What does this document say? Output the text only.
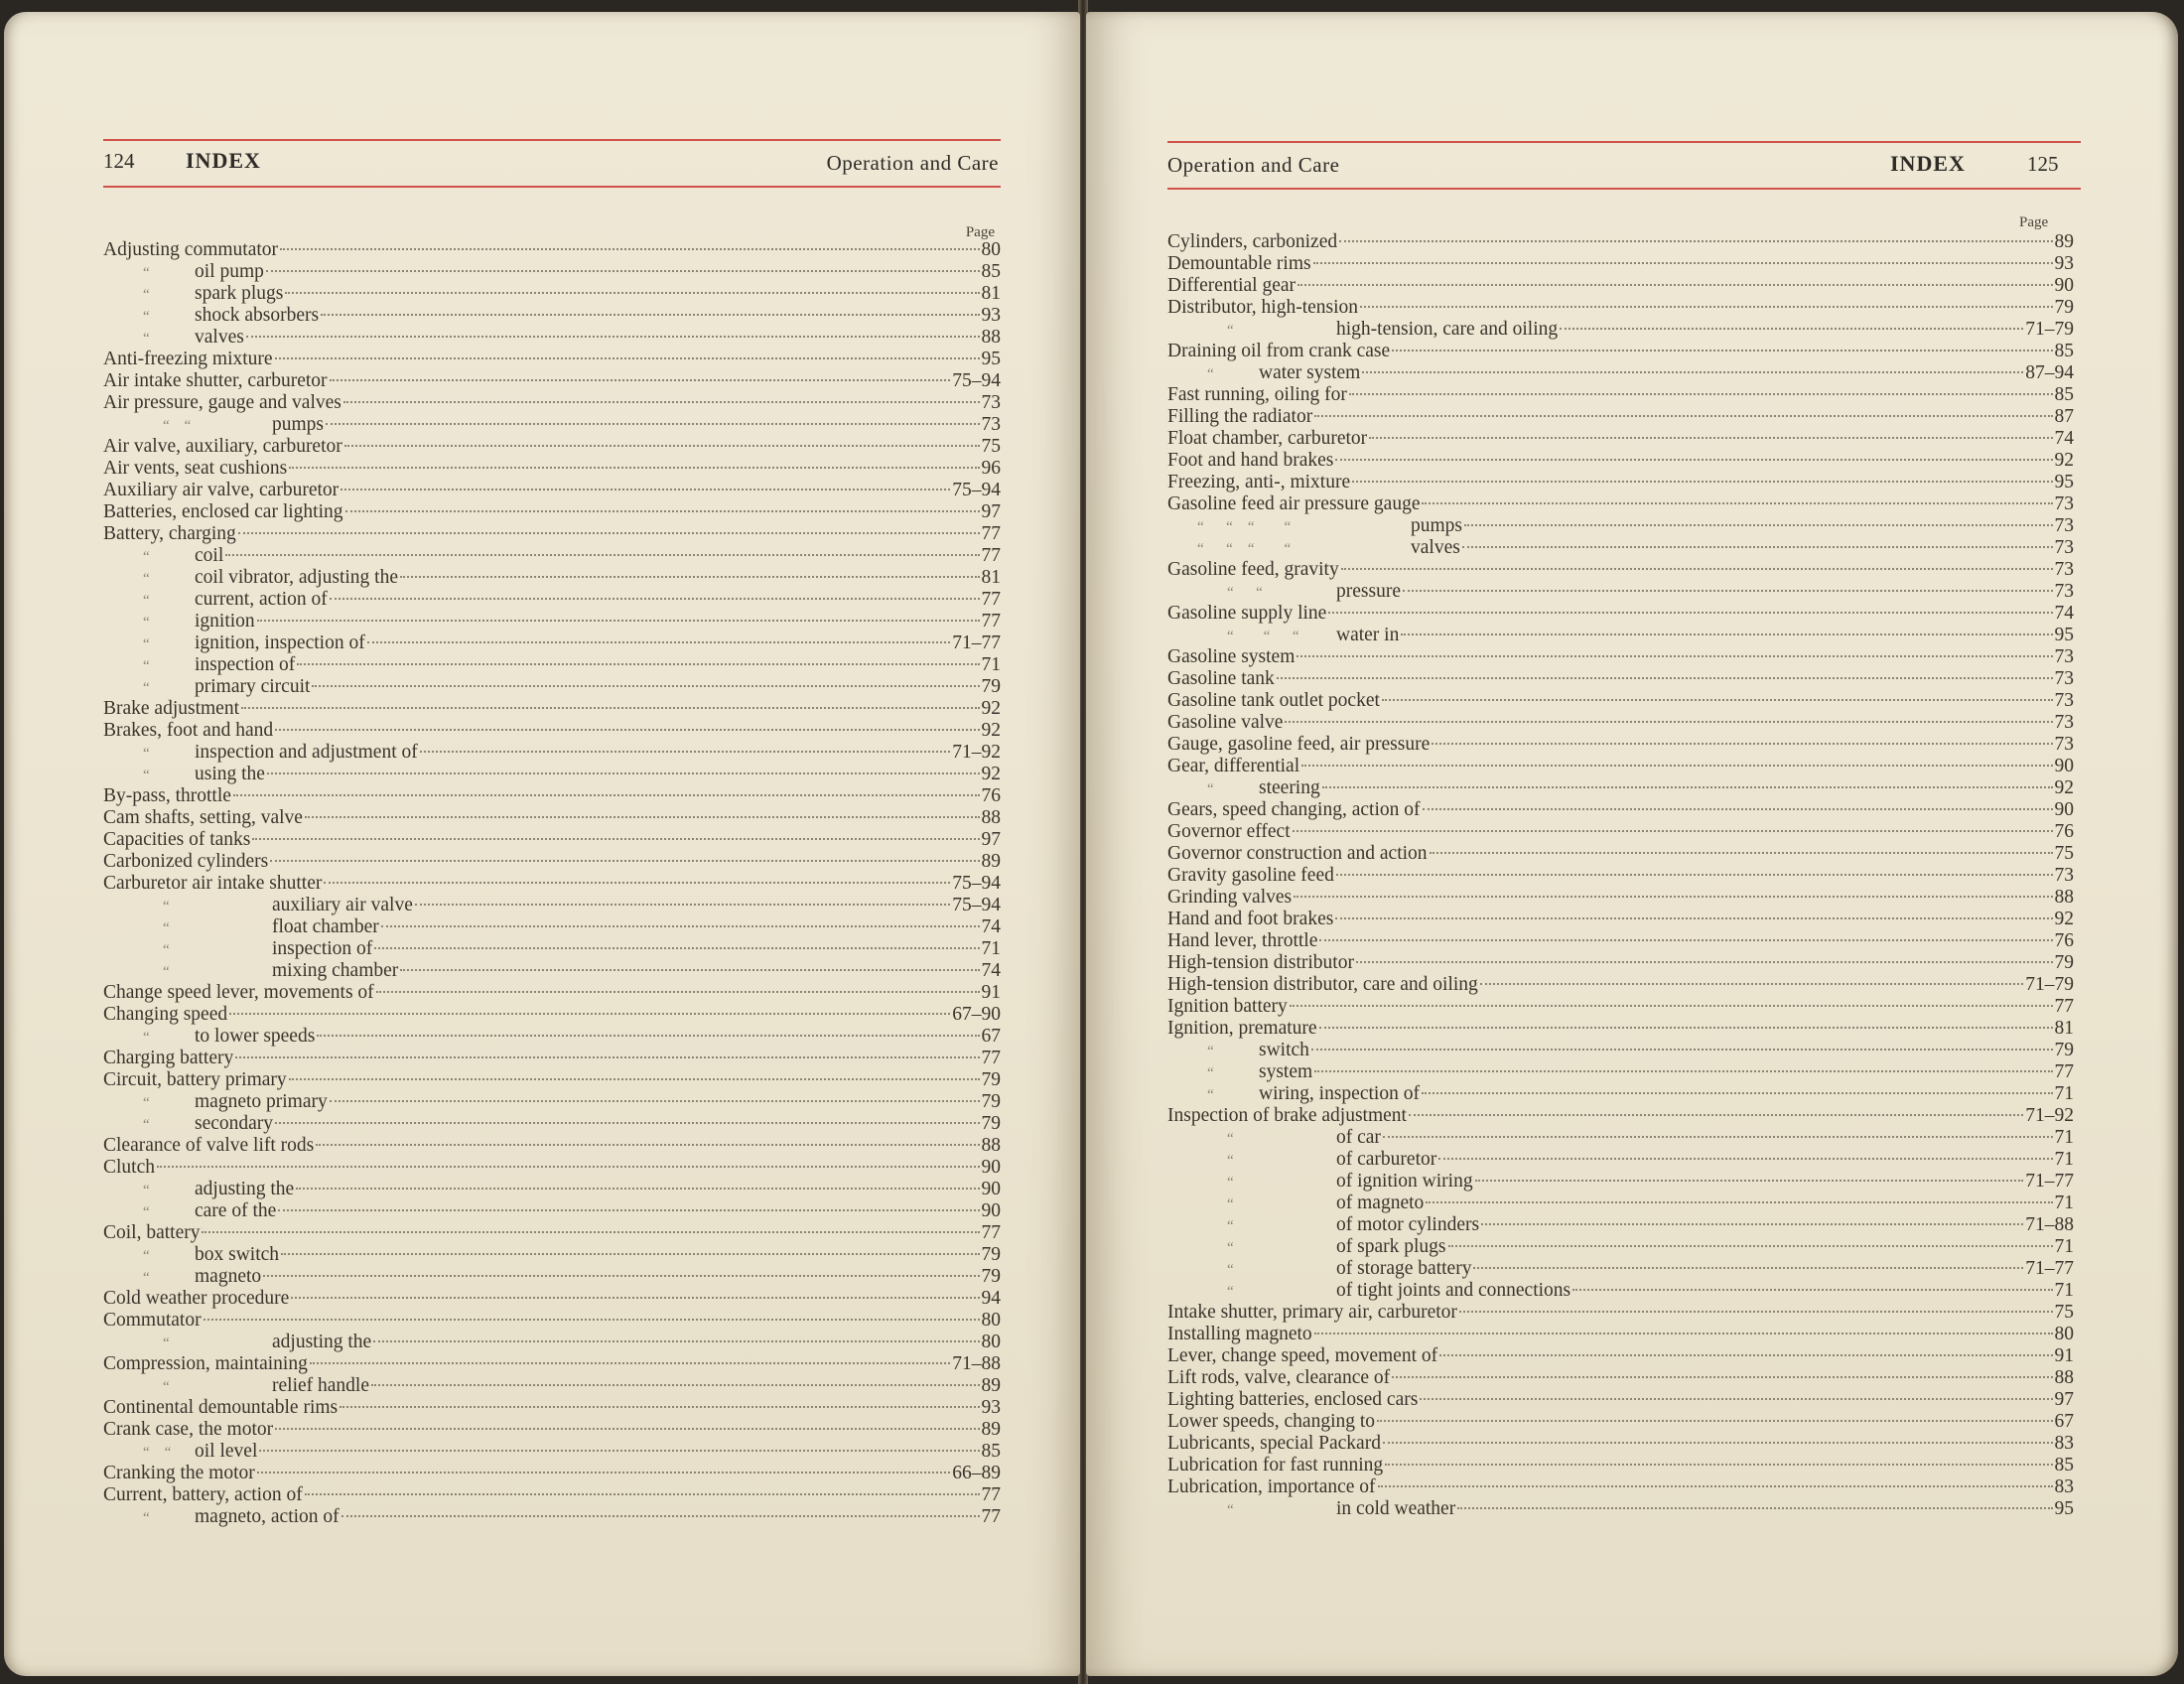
124 INDEX	Operation and Care
Page
Adjusting commutator	80
“	oil pump	85
“	spark plugs	81
“	shock absorbers	93
“	valves	88
Anti-freezing mixture	95
Air intake shutter, carburetor	75–94
Air pressure, gauge and valves	73
“    “	pumps	73
Air valve, auxiliary, carburetor	75
Air vents, seat cushions	96
Auxiliary air valve, carburetor	75–94
Batteries, enclosed car lighting	97
Battery, charging	77
“	coil	77
“	coil vibrator, adjusting the	81
“	current, action of	77
“	ignition	77
“	ignition, inspection of	71–77
“	inspection of	71
“	primary circuit	79
Brake adjustment	92
Brakes, foot and hand	92
“	inspection and adjustment of	71–92
“	using the	92
By-pass, throttle	76
Cam shafts, setting, valve	88
Capacities of tanks	97
Carbonized cylinders	89
Carburetor air intake shutter	75–94
“	auxiliary air valve	75–94
“	float chamber	74
“	inspection of	71
“	mixing chamber	74
Change speed lever, movements of	91
Changing speed	67–90
“	to lower speeds	67
Charging battery	77
Circuit, battery primary	79
“	magneto primary	79
“	secondary	79
Clearance of valve lift rods	88
Clutch	90
“	adjusting the	90
“	care of the	90
Coil, battery	77
“	box switch	79
“	magneto	79
Cold weather procedure	94
Commutator	80
“	adjusting the	80
Compression, maintaining	71–88
“	relief handle	89
Continental demountable rims	93
Crank case, the motor	89
“    “	oil level	85
Cranking the motor	66–89
Current, battery, action of	77
“	magneto, action of	77
Operation and Care	INDEX	125
Page
Cylinders, carbonized	89
Demountable rims	93
Differential gear	90
Distributor, high-tension	79
“	high-tension, care and oiling	71–79
Draining oil from crank case	85
“	water system	87–94
Fast running, oiling for	85
Filling the radiator	87
Float chamber, carburetor	74
Foot and hand brakes	92
Freezing, anti-, mixture	95
Gasoline feed air pressure gauge	73
“      “    “        “	pumps	73
“      “    “        “	valves	73
Gasoline feed, gravity	73
“      “	pressure	73
Gasoline supply line	74
“        “      “	water in	95
Gasoline system	73
Gasoline tank	73
Gasoline tank outlet pocket	73
Gasoline valve	73
Gauge, gasoline feed, air pressure	73
Gear, differential	90
“	steering	92
Gears, speed changing, action of	90
Governor effect	76
Governor construction and action	75
Gravity gasoline feed	73
Grinding valves	88
Hand and foot brakes	92
Hand lever, throttle	76
High-tension distributor	79
High-tension distributor, care and oiling	71–79
Ignition battery	77
Ignition, premature	81
“	switch	79
“	system	77
“	wiring, inspection of	71
Inspection of brake adjustment	71–92
“	of car	71
“	of carburetor	71
“	of ignition wiring	71–77
“	of magneto	71
“	of motor cylinders	71–88
“	of spark plugs	71
“	of storage battery	71–77
“	of tight joints and connections	71
Intake shutter, primary air, carburetor	75
Installing magneto	80
Lever, change speed, movement of	91
Lift rods, valve, clearance of	88
Lighting batteries, enclosed cars	97
Lower speeds, changing to	67
Lubricants, special Packard	83
Lubrication for fast running	85
Lubrication, importance of	83
“	in cold weather	95
